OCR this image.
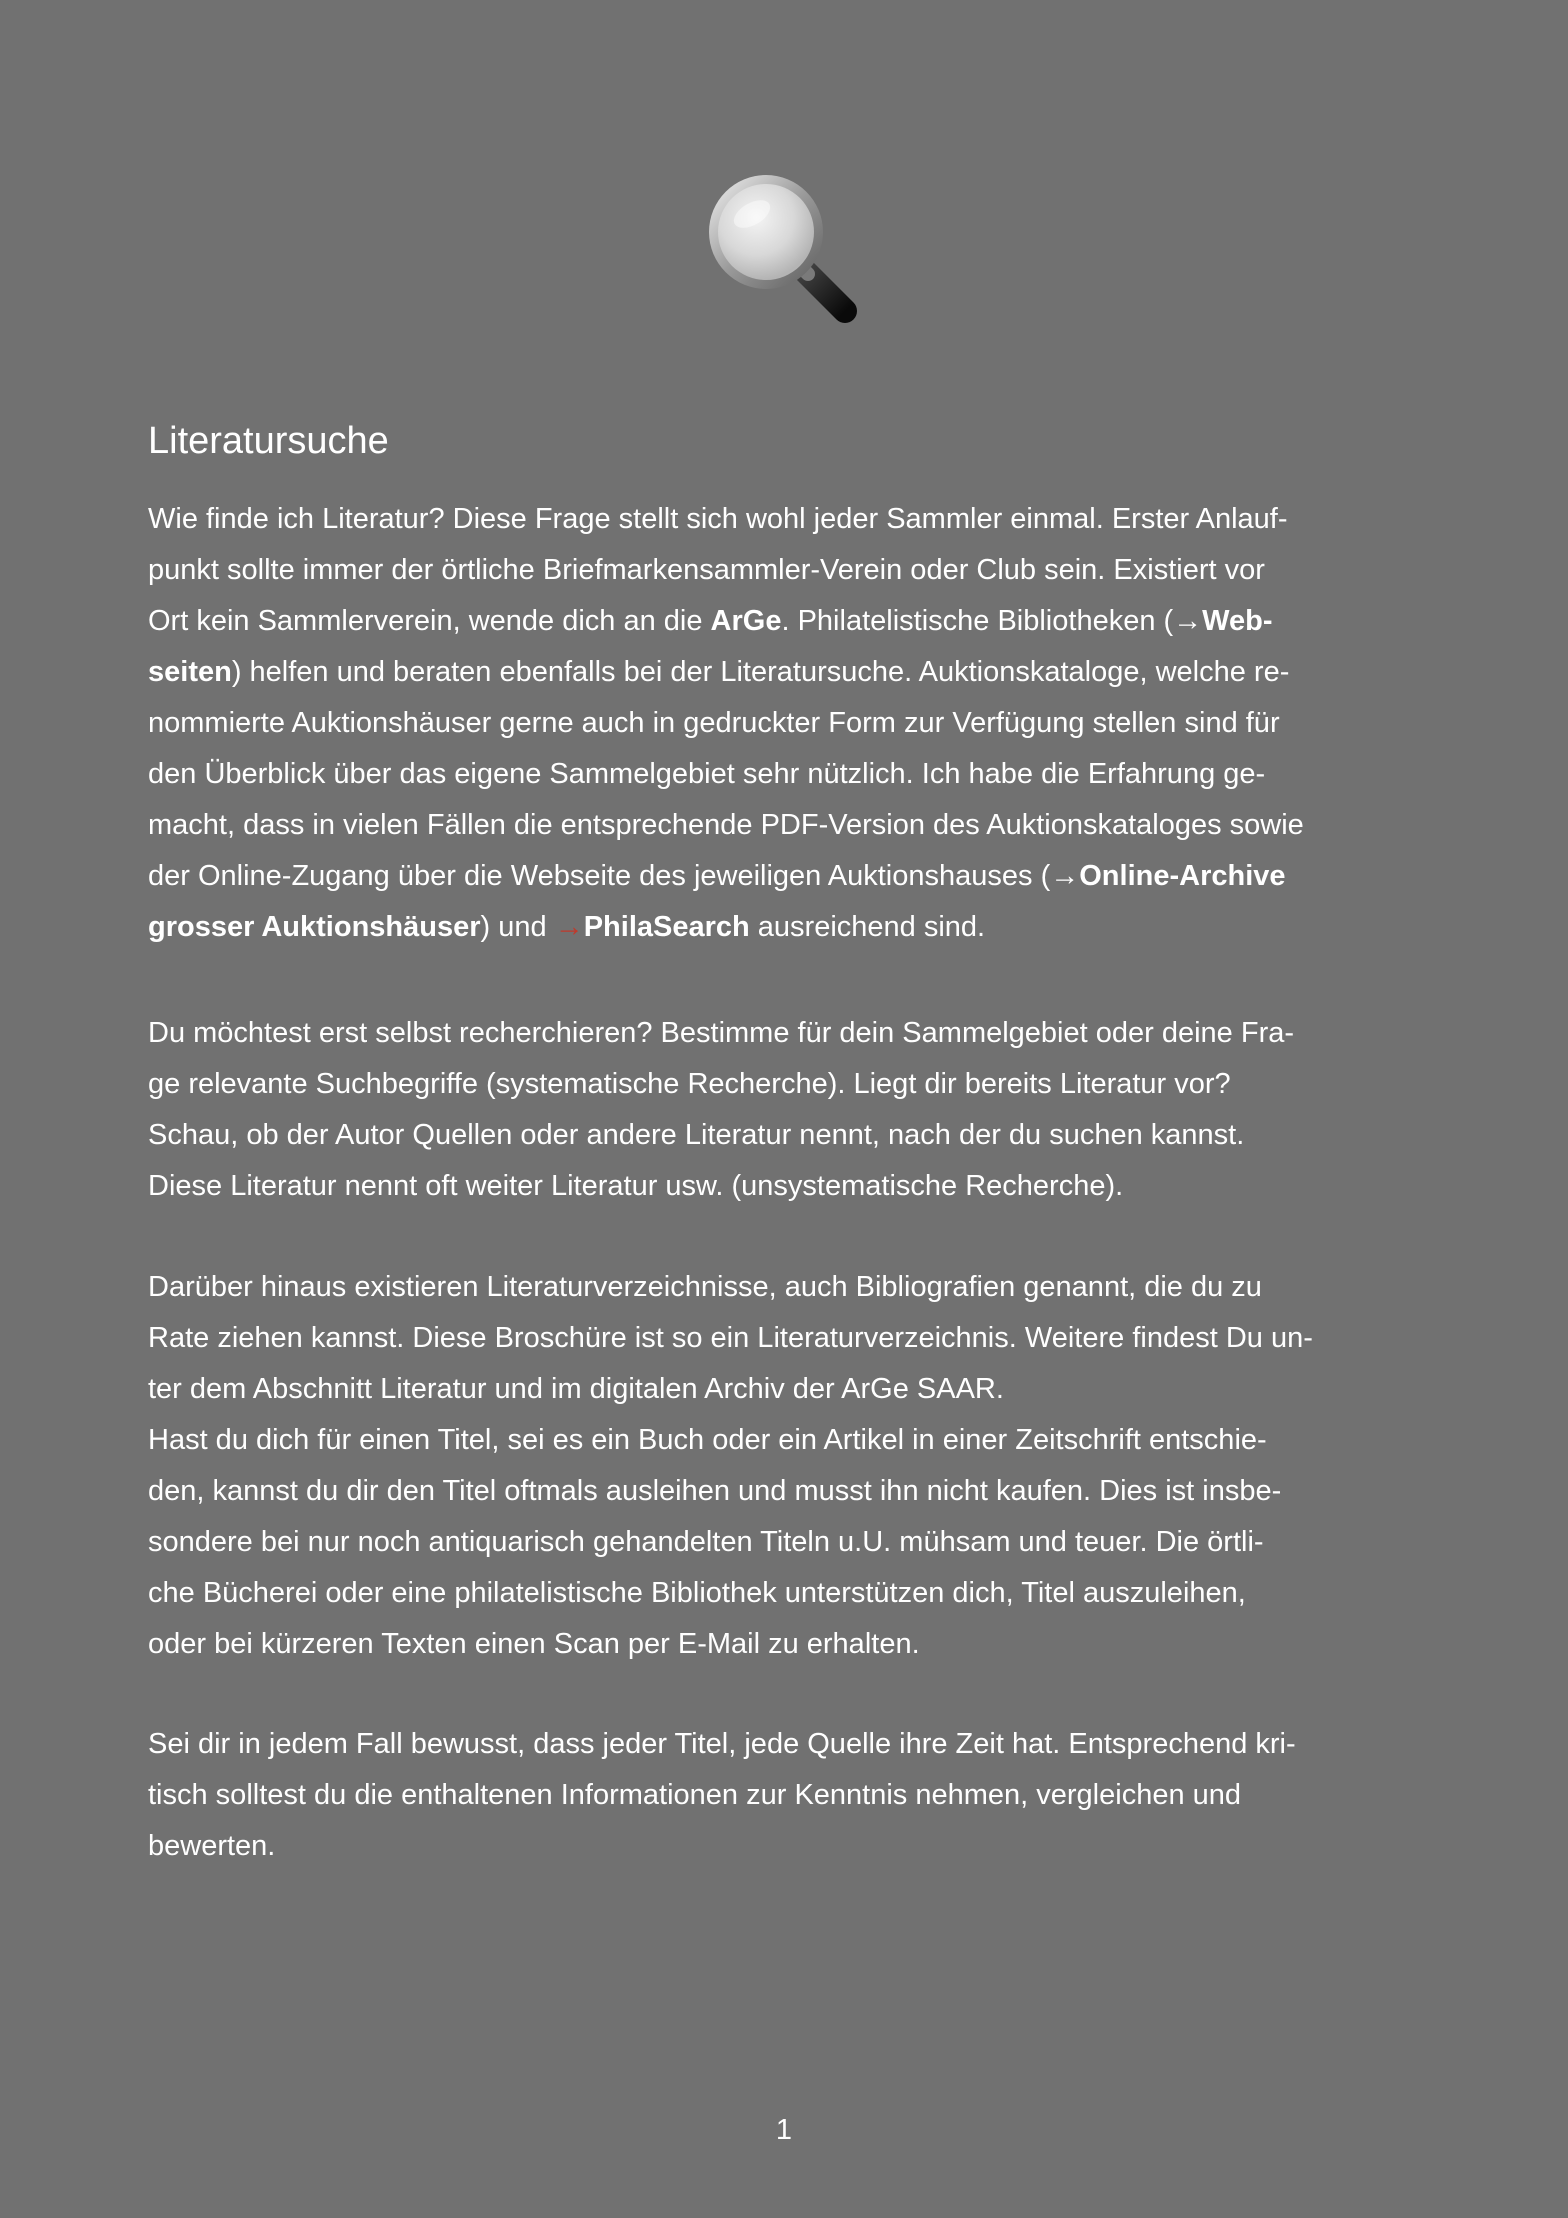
Literatursuche

Wie finde ich Literatur? Diese Frage stellt sich wohl jeder Sammler einmal. Erster Anlauf-
punkt sollte immer der örtliche Briefmarkensammler-Verein oder Club sein. Existiert vor
Ort kein Sammlerverein, wende dich an die ArGe. Philatelistische Bibliotheken (→Web-
seiten) helfen und beraten ebenfalls bei der Literatursuche. Auktionskataloge, welche re-
nommierte Auktionshäuser gerne auch in gedruckter Form zur Verfügung stellen sind für
den Überblick über das eigene Sammelgebiet sehr nützlich. Ich habe die Erfahrung ge-
macht, dass in vielen Fällen die entsprechende PDF-Version des Auktionskataloges sowie
der Online-Zugang über die Webseite des jeweiligen Auktionshauses (→Online-Archive
grosser Auktionshäuser) und →PhilaSearch ausreichend sind.

Du möchtest erst selbst recherchieren? Bestimme für dein Sammelgebiet oder deine Fra-
ge relevante Suchbegriffe (systematische Recherche). Liegt dir bereits Literatur vor?
Schau, ob der Autor Quellen oder andere Literatur nennt, nach der du suchen kannst.
Diese Literatur nennt oft weiter Literatur usw. (unsystematische Recherche).

Darüber hinaus existieren Literaturverzeichnisse, auch Bibliografien genannt, die du zu
Rate ziehen kannst. Diese Broschüre ist so ein Literaturverzeichnis. Weitere findest Du un-
ter dem Abschnitt Literatur und im digitalen Archiv der ArGe SAAR.
Hast du dich für einen Titel, sei es ein Buch oder ein Artikel in einer Zeitschrift entschie-
den, kannst du dir den Titel oftmals ausleihen und musst ihn nicht kaufen. Dies ist insbe-
sondere bei nur noch antiquarisch gehandelten Titeln u.U. mühsam und teuer. Die örtli-
che Bücherei oder eine philatelistische Bibliothek unterstützen dich, Titel auszuleihen,
oder bei kürzeren Texten einen Scan per E-Mail zu erhalten.

Sei dir in jedem Fall bewusst, dass jeder Titel, jede Quelle ihre Zeit hat. Entsprechend kri-
tisch solltest du die enthaltenen Informationen zur Kenntnis nehmen, vergleichen und
bewerten.

1
